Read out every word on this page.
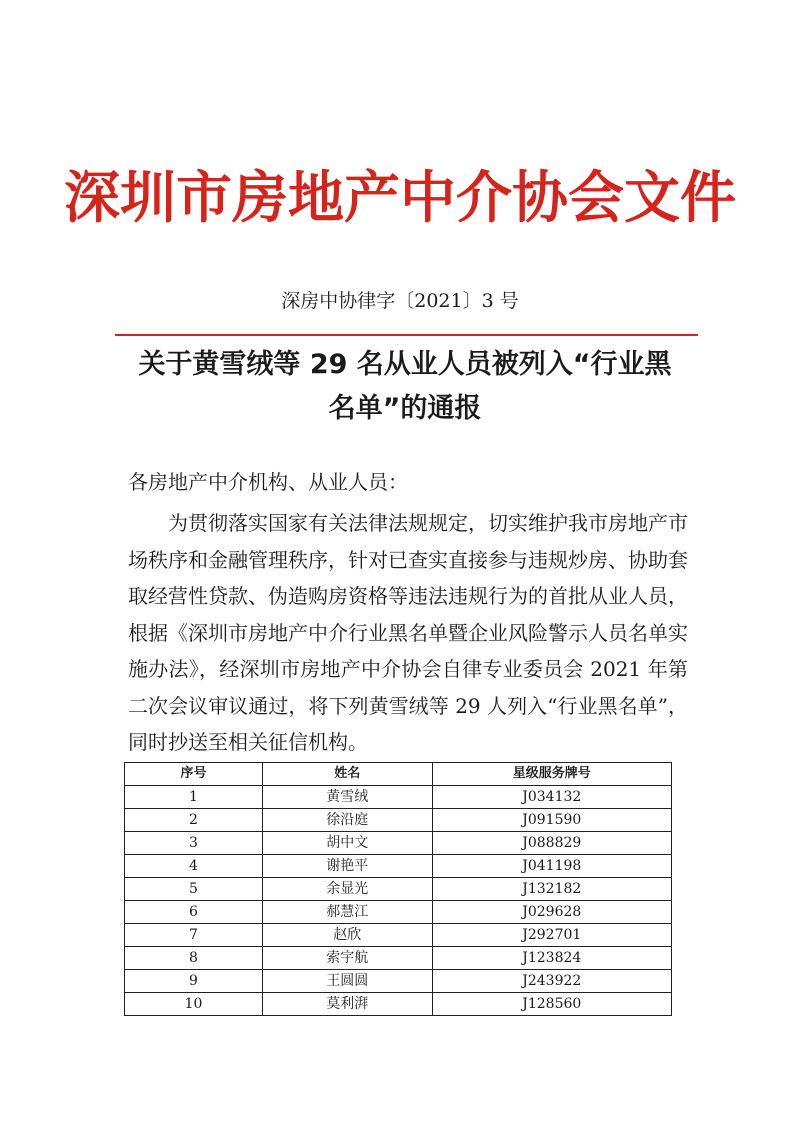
深圳市房地产中介协会文件
深房中协律字〔2021〕3 号
关于黄雪绒等 29 名从业人员被列入“行业黑
名单”的通报
各房地产中介机构、从业人员：
为贯彻落实国家有关法律法规规定，切实维护我市房地产市场秩序和金融管理秩序，针对已查实直接参与违规炒房、协助套取经营性贷款、伪造购房资格等违法违规行为的首批从业人员，根据《深圳市房地产中介行业黑名单暨企业风险警示人员名单实施办法》，经深圳市房地产中介协会自律专业委员会 2021 年第二次会议审议通过，将下列黄雪绒等 29 人列入“行业黑名单”，同时抄送至相关征信机构。
序号	姓名	星级服务牌号
1	黄雪绒	J034132
2	徐沿庭	J091590
3	胡中文	J088829
4	谢艳平	J041198
5	余显光	J132182
6	郝慧江	J029628
7	赵欣	J292701
8	索宇航	J123824
9	王圆圆	J243922
10	莫利湃	J128560
